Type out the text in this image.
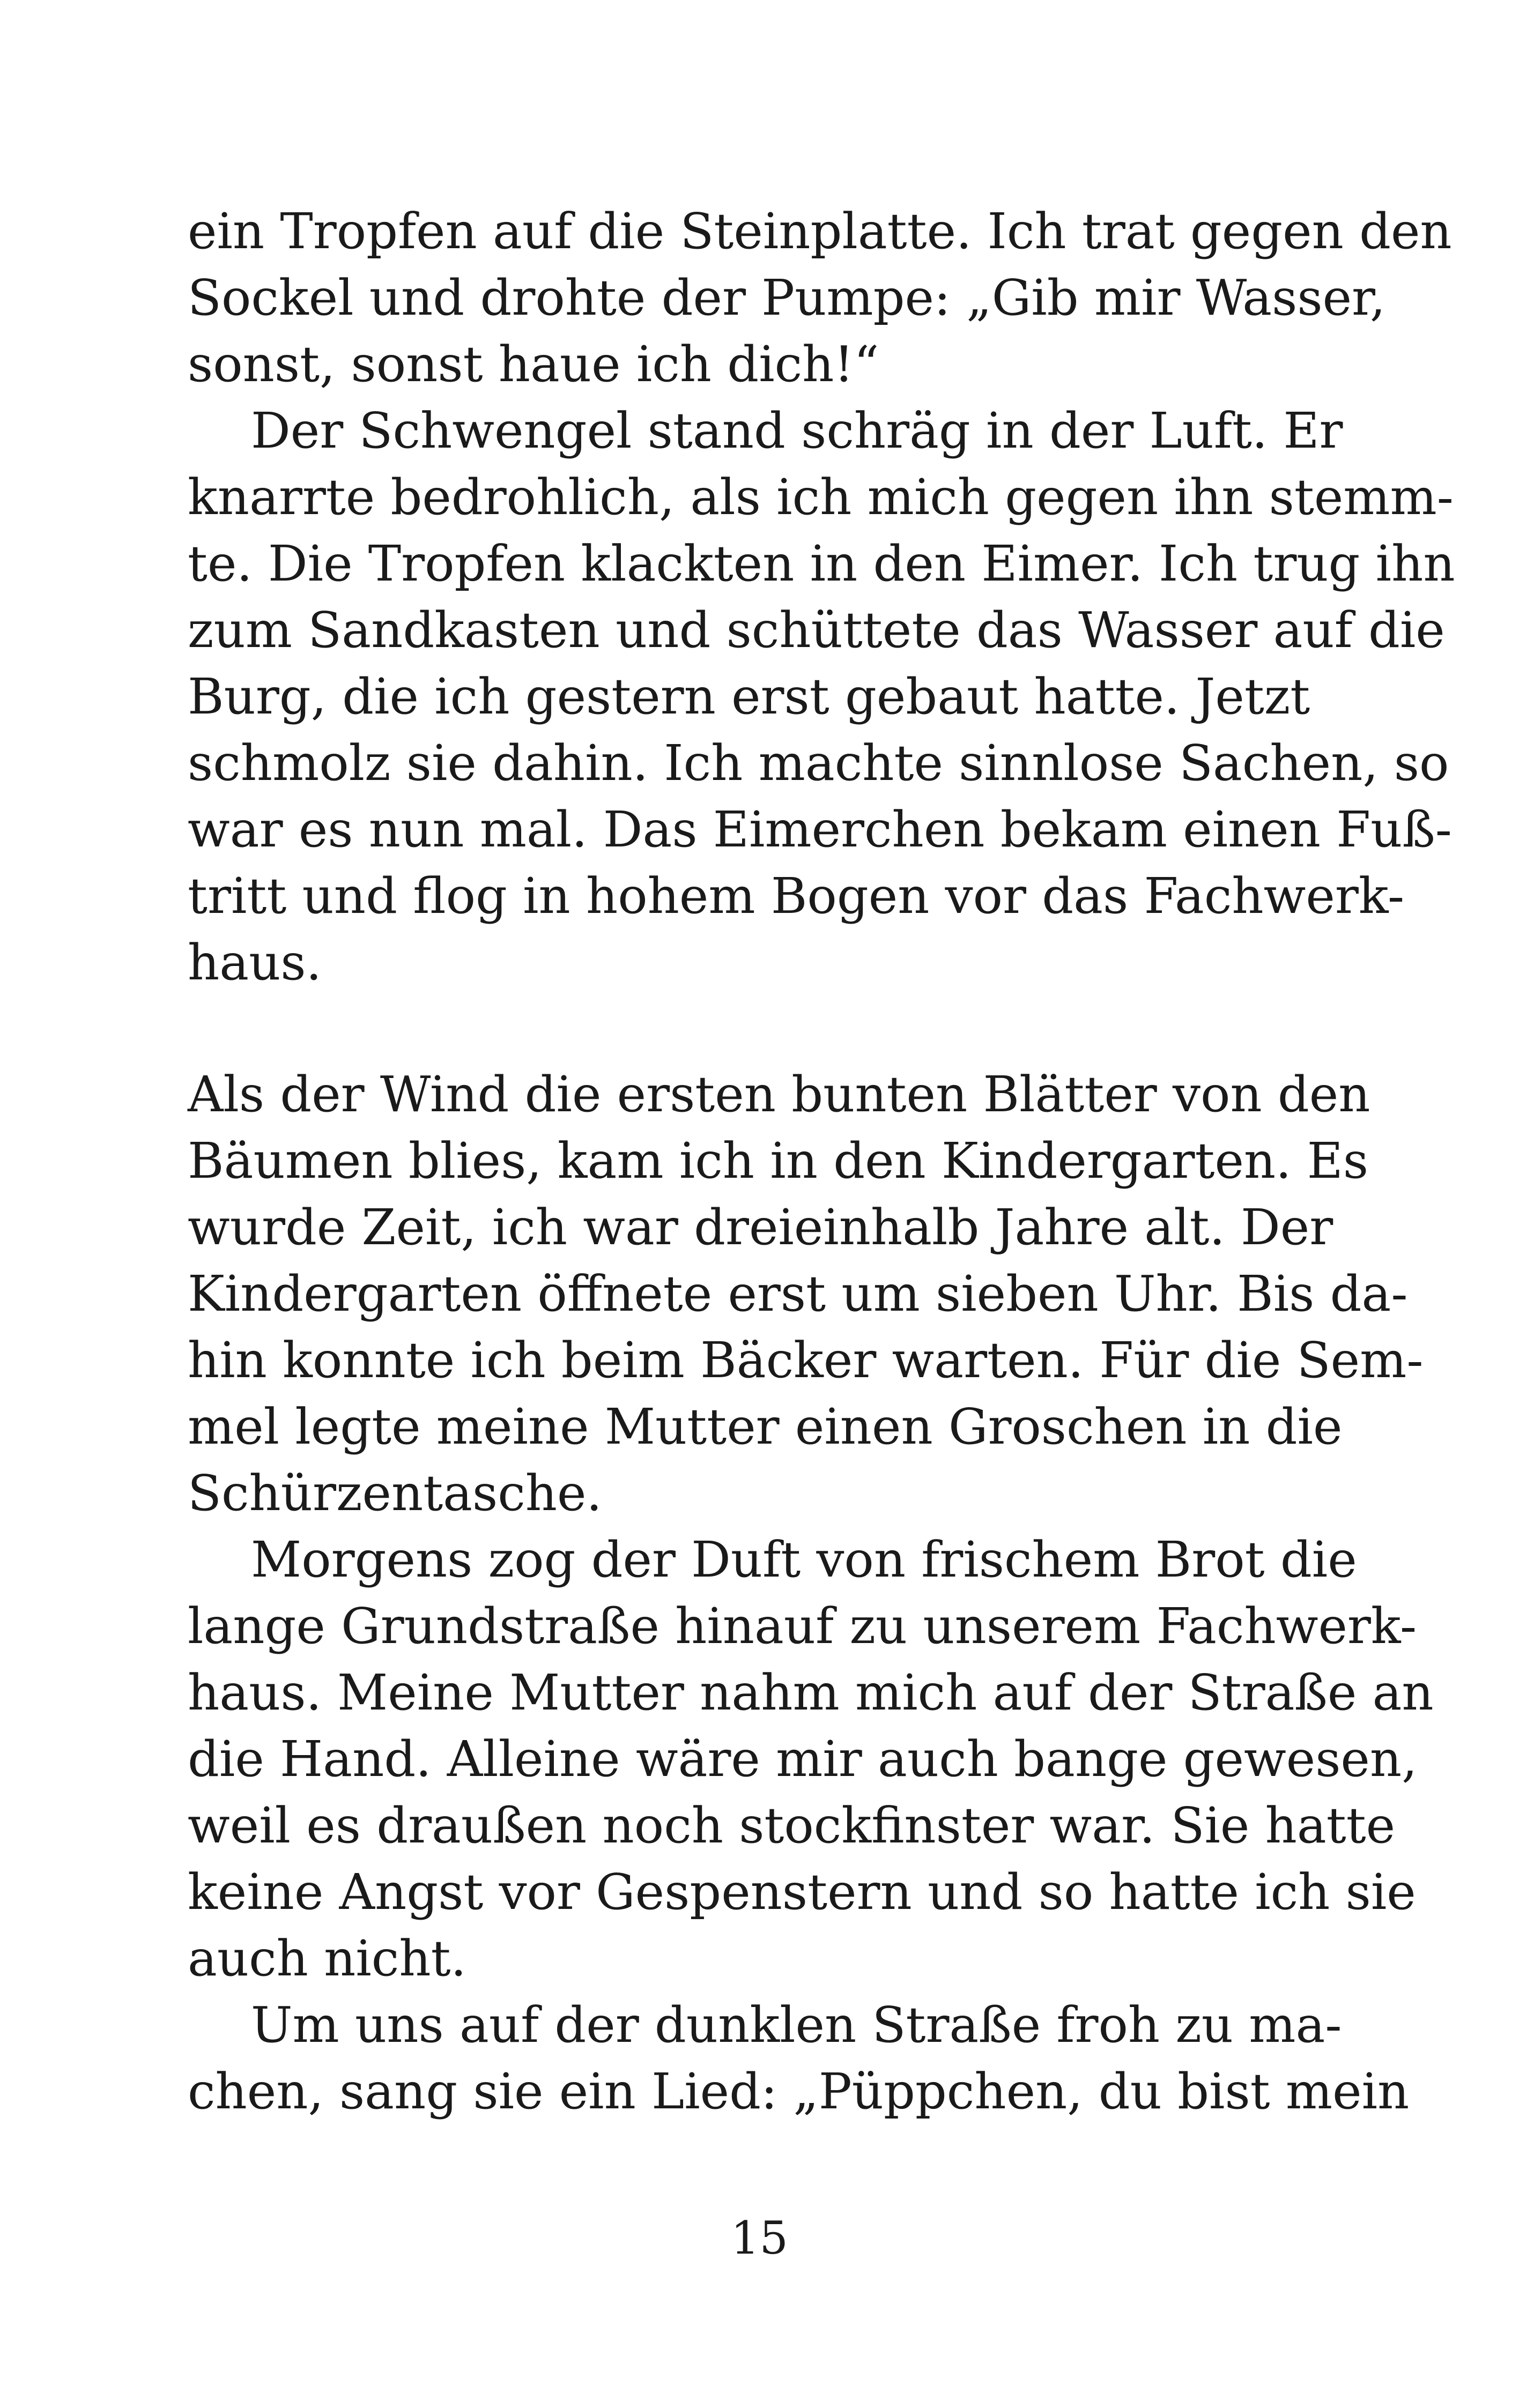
ein Tropfen auf die Steinplatte. Ich trat gegen den
Sockel und drohte der Pumpe: „Gib mir Wasser,
sonst, sonst haue ich dich!“
Der Schwengel stand schräg in der Luft. Er
knarrte bedrohlich, als ich mich gegen ihn stemm-
te. Die Tropfen klackten in den Eimer. Ich trug ihn
zum Sandkasten und schüttete das Wasser auf die
Burg, die ich gestern erst gebaut hatte. Jetzt
schmolz sie dahin. Ich machte sinnlose Sachen, so
war es nun mal. Das Eimerchen bekam einen Fuß-
tritt und flog in hohem Bogen vor das Fachwerk-
haus.
Als der Wind die ersten bunten Blätter von den
Bäumen blies, kam ich in den Kindergarten. Es
wurde Zeit, ich war dreieinhalb Jahre alt. Der
Kindergarten öffnete erst um sieben Uhr. Bis da-
hin konnte ich beim Bäcker warten. Für die Sem-
mel legte meine Mutter einen Groschen in die
Schürzentasche.
Morgens zog der Duft von frischem Brot die
lange Grundstraße hinauf zu unserem Fachwerk-
haus. Meine Mutter nahm mich auf der Straße an
die Hand. Alleine wäre mir auch bange gewesen,
weil es draußen noch stockfinster war. Sie hatte
keine Angst vor Gespenstern und so hatte ich sie
auch nicht.
Um uns auf der dunklen Straße froh zu ma-
chen, sang sie ein Lied: „Püppchen, du bist mein
15
